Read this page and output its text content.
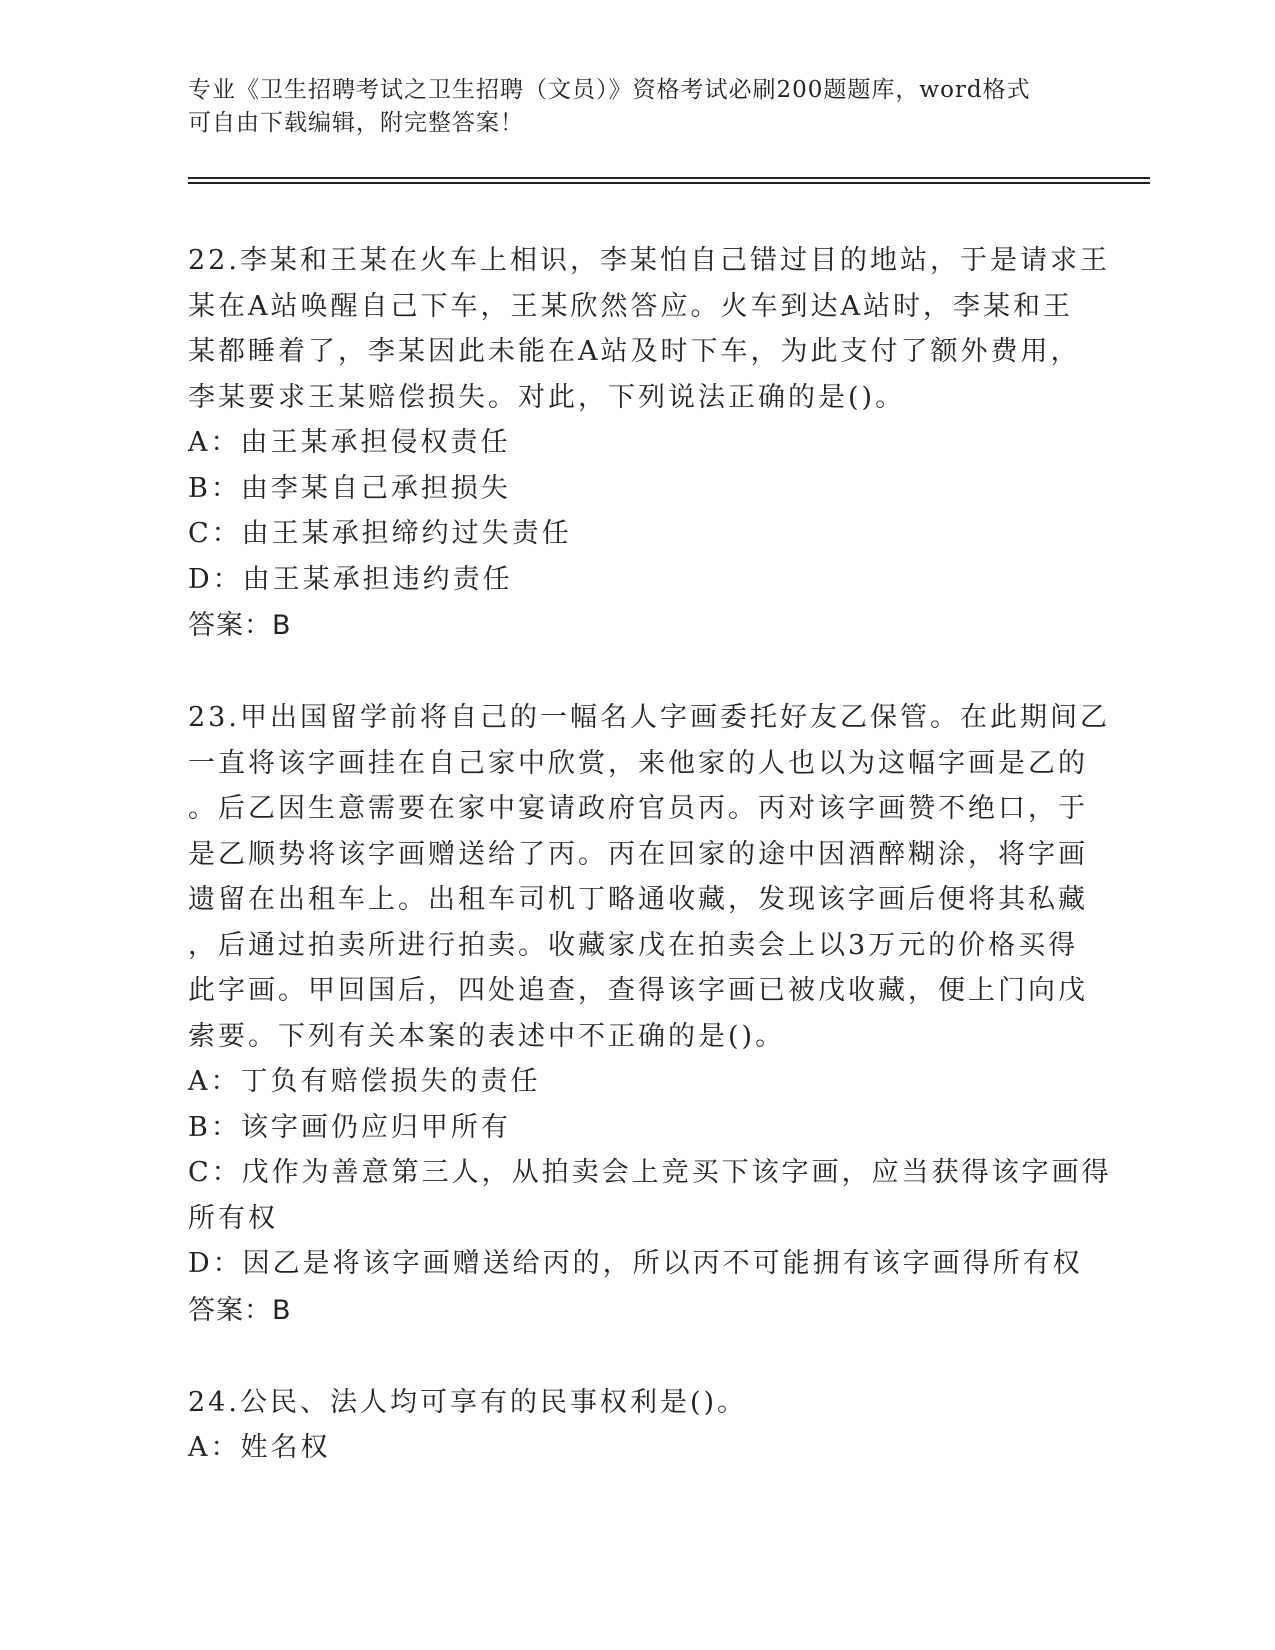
专业《卫生招聘考试之卫生招聘（文员）》资格考试必刷200题题库，word格式
可自由下载编辑，附完整答案！
22.李某和王某在火车上相识，李某怕自己错过目的地站，于是请求王
某在A站唤醒自己下车，王某欣然答应。火车到达A站时，李某和王
某都睡着了，李某因此未能在A站及时下车，为此支付了额外费用，
李某要求王某赔偿损失。对此，下列说法正确的是()。
A：由王某承担侵权责任
B：由李某自己承担损失
C：由王某承担缔约过失责任
D：由王某承担违约责任
答案：B
23.甲出国留学前将自己的一幅名人字画委托好友乙保管。在此期间乙
一直将该字画挂在自己家中欣赏，来他家的人也以为这幅字画是乙的
。后乙因生意需要在家中宴请政府官员丙。丙对该字画赞不绝口，于
是乙顺势将该字画赠送给了丙。丙在回家的途中因酒醉糊涂，将字画
遗留在出租车上。出租车司机丁略通收藏，发现该字画后便将其私藏
，后通过拍卖所进行拍卖。收藏家戊在拍卖会上以3万元的价格买得
此字画。甲回国后，四处追查，查得该字画已被戊收藏，便上门向戊
索要。下列有关本案的表述中不正确的是()。
A：丁负有赔偿损失的责任
B：该字画仍应归甲所有
C：戊作为善意第三人，从拍卖会上竞买下该字画，应当获得该字画得
所有权
D：因乙是将该字画赠送给丙的，所以丙不可能拥有该字画得所有权
答案：B
24.公民、法人均可享有的民事权利是()。
A：姓名权
